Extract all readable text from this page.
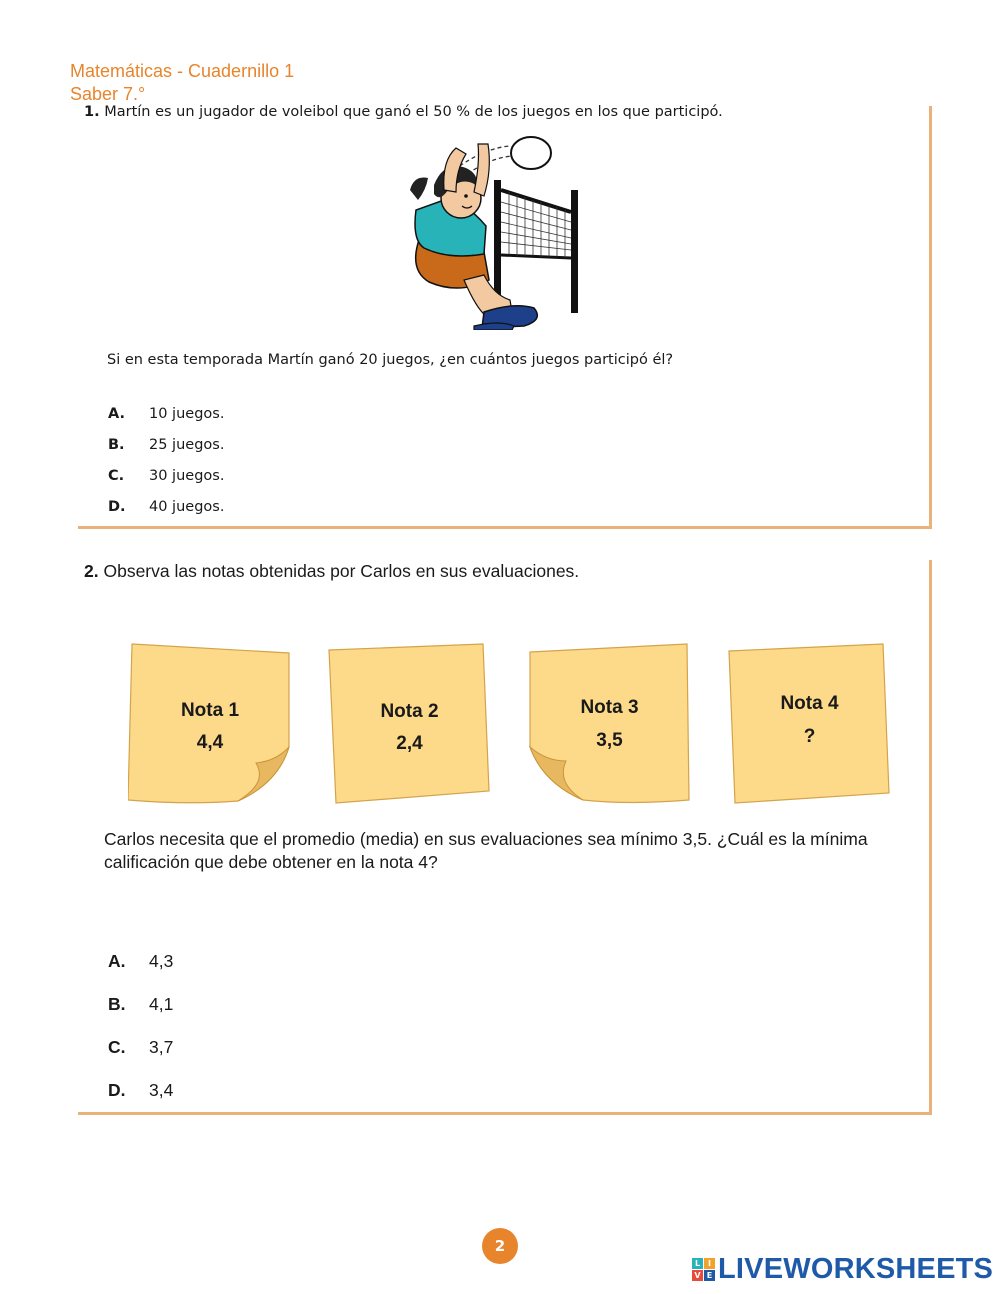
Matemáticas - Cuadernillo 1
Saber 7.°
1. Martín es un jugador de voleibol que ganó el 50 % de los juegos en los que participó.
Si en esta temporada Martín ganó 20 juegos, ¿en cuántos juegos participó él?
A.	10 juegos.
B.	25 juegos.
C.	30 juegos.
D.	40 juegos.
2. Observa las notas obtenidas por Carlos en sus evaluaciones.
Nota 1
4,4
Nota 2
2,4
Nota 3
3,5
Nota 4
?
Carlos necesita que el promedio (media) en sus evaluaciones sea mínimo 3,5. ¿Cuál es la mínima calificación que debe obtener en la nota 4?
A.	4,3
B.	4,1
C.	3,7
D.	3,4
2
L I
V E LIVEWORKSHEETS
